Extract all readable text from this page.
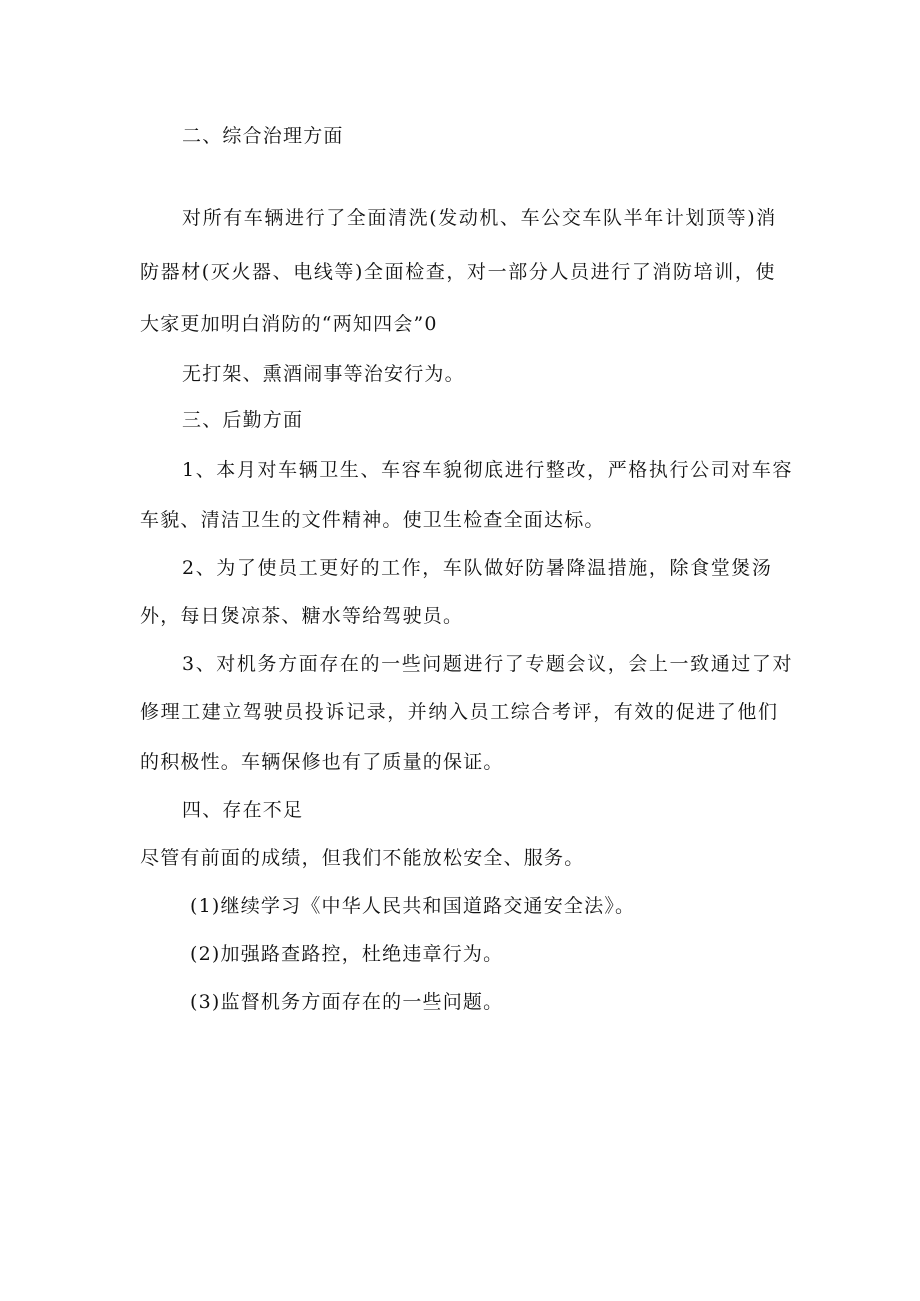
二、综合治理方面
对所有车辆进行了全面清洗(发动机、车公交车队半年计划顶等)消
防器材(灭火器、电线等)全面检查，对一部分人员进行了消防培训，使
大家更加明白消防的“两知四会”0
无打架、熏酒闹事等治安行为。
三、后勤方面
1、本月对车辆卫生、车容车貌彻底进行整改，严格执行公司对车容
车貌、清洁卫生的文件精神。使卫生检查全面达标。
2、为了使员工更好的工作，车队做好防暑降温措施，除食堂煲汤
外，每日煲凉茶、糖水等给驾驶员。
3、对机务方面存在的一些问题进行了专题会议，会上一致通过了对
修理工建立驾驶员投诉记录，并纳入员工综合考评，有效的促进了他们
的积极性。车辆保修也有了质量的保证。
四、存在不足
尽管有前面的成绩，但我们不能放松安全、服务。
(1)继续学习《中华人民共和国道路交通安全法》。
(2)加强路查路控，杜绝违章行为。
(3)监督机务方面存在的一些问题。
